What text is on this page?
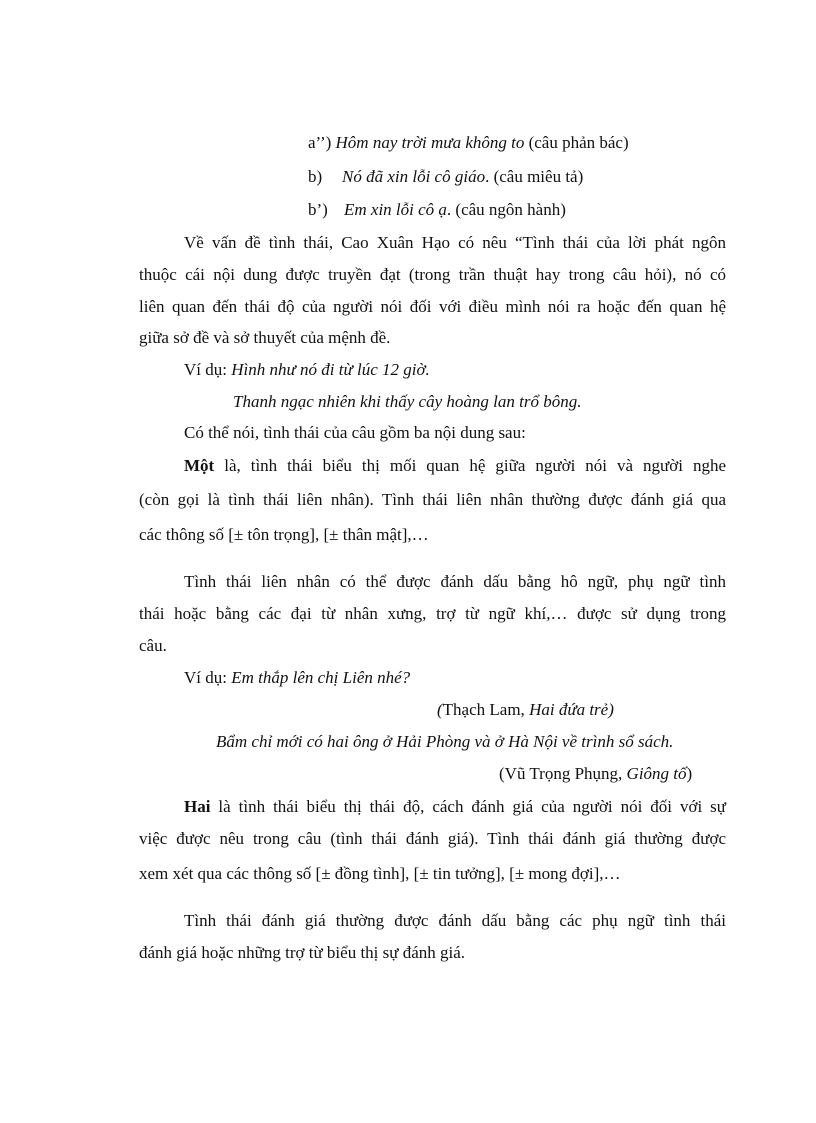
a’’) Hôm nay trời mưa không to (câu phản bác)
b) Nó đã xin lỗi cô giáo. (câu miêu tả)
b’) Em xin lỗi cô ạ. (câu ngôn hành)
Về vấn đề tình thái, Cao Xuân Hạo có nêu “Tình thái của lời phát ngôn
thuộc cái nội dung được truyền đạt (trong trần thuật hay trong câu hỏi), nó có
liên quan đến thái độ của người nói đối với điều mình nói ra hoặc đến quan hệ
giữa sở đề và sở thuyết của mệnh đề.
Ví dụ: Hình như nó đi từ lúc 12 giờ.
Thanh ngạc nhiên khi thấy cây hoàng lan trổ bông.
Có thể nói, tình thái của câu gồm ba nội dung sau:
Một là, tình thái biểu thị mối quan hệ giữa người nói và người nghe
(còn gọi là tình thái liên nhân). Tình thái liên nhân thường được đánh giá qua
các thông số [± tôn trọng], [± thân mật],…
Tình thái liên nhân có thể được đánh dấu bằng hô ngữ, phụ ngữ tình
thái hoặc bằng các đại từ nhân xưng, trợ từ ngữ khí,… được sử dụng trong
câu.
Ví dụ: Em thắp lên chị Liên nhé?
(Thạch Lam, Hai đứa trẻ)
Bẩm chỉ mới có hai ông ở Hải Phòng và ở Hà Nội về trình sổ sách.
(Vũ Trọng Phụng, Giông tố)
Hai là tình thái biểu thị thái độ, cách đánh giá của người nói đối với sự
việc được nêu trong câu (tình thái đánh giá). Tình thái đánh giá thường được
xem xét qua các thông số [± đồng tình], [± tin tưởng], [± mong đợi],…
Tình thái đánh giá thường được đánh dấu bằng các phụ ngữ tình thái
đánh giá hoặc những trợ từ biểu thị sự đánh giá.
